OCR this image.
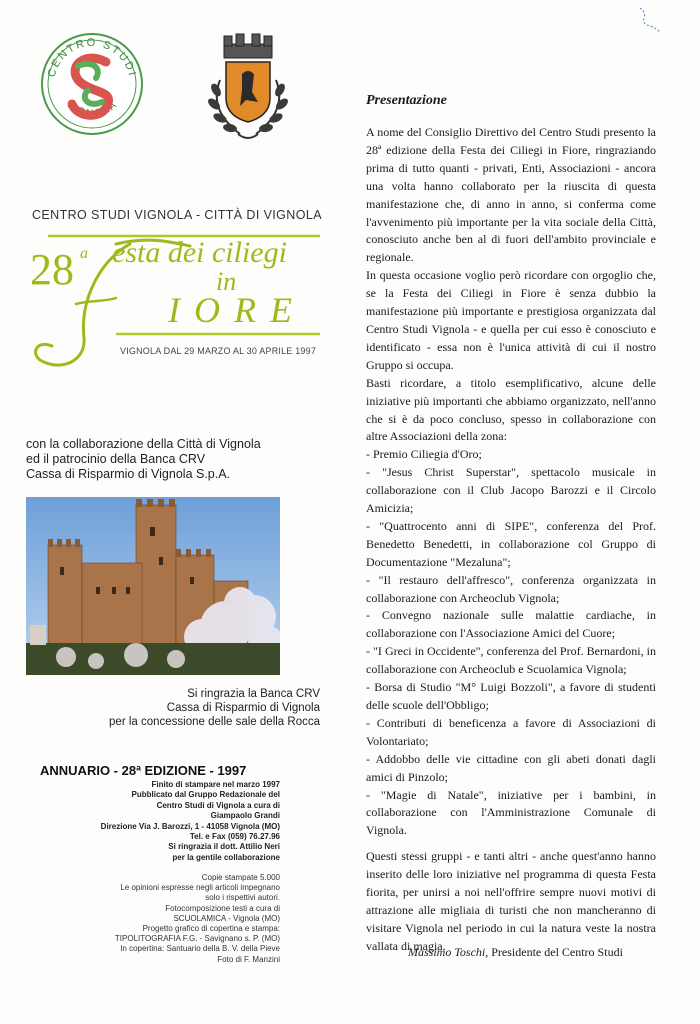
CENTRO STUDI
VIGNOLA
CENTRO STUDI VIGNOLA - CITTÀ DI VIGNOLA
28 a
F
esta dei ciliegi
in
IORE
VIGNOLA DAL 29 MARZO AL 30 APRILE 1997
con la collaborazione della Città di Vignola
ed il patrocinio della Banca CRV
Cassa di Risparmio di Vignola S.p.A.
Si ringrazia la Banca CRV
Cassa di Risparmio di Vignola
per la concessione delle sale della Rocca
ANNUARIO - 28ª EDIZIONE - 1997
Finito di stampare nel marzo 1997
Pubblicato dal Gruppo Redazionale del
Centro Studi di Vignola a cura di
Giampaolo Grandi
Direzione Via J. Barozzi, 1 - 41058 Vignola (MO)
Tel. e Fax (059) 76.27.96
Si ringrazia il dott. Attilio Neri
per la gentile collaborazione
Copie stampate 5.000
Le opinioni espresse negli articoli impegnano
solo i rispettivi autori.
Fotocomposizione testi a cura di
SCUOLAMICA - Vignola (MO)
Progetto grafico di copertina e stampa:
TIPOLITOGRAFIA F.G. - Savignano s. P. (MO)
In copertina: Santuario della B. V. della Pieve
Foto di F. Manzini
Presentazione

A nome del Consiglio Direttivo del Centro Studi presento la 28ª edizione della Festa dei Ciliegi in Fiore, ringraziando prima di tutto quanti - privati, Enti, Associazioni - ancora una volta hanno collaborato per la riuscita di questa manifestazione che, di anno in anno, si conferma come l'avvenimento più importante per la vita sociale della Città, conosciuto anche ben al di fuori dell'ambito provinciale e regionale.

In questa occasione voglio però ricordare con orgoglio che, se la Festa dei Ciliegi in Fiore è senza dubbio la manifestazione più importante e prestigiosa organizzata dal Centro Studi Vignola - e quella per cui esso è conosciuto e identificato - essa non è l'unica attività di cui il nostro Gruppo si occupa.

Basti ricordare, a titolo esemplificativo, alcune delle iniziative più importanti che abbiamo organizzato, nell'anno che si è da poco concluso, spesso in collaborazione con altre Associazioni della zona:

- Premio Ciliegia d'Oro;

- "Jesus Christ Superstar", spettacolo musicale in collaborazione con il Club Jacopo Barozzi e il Circolo Amicizia;

- "Quattrocento anni di SIPE", conferenza del Prof. Benedetto Benedetti, in collaborazione col Gruppo di Documentazione "Mezaluna";

- "Il restauro dell'affresco", conferenza organizzata in collaborazione con Archeoclub Vignola;

- Convegno nazionale sulle malattie cardiache, in collaborazione con l'Associazione Amici del Cuore;

- "I Greci in Occidente", conferenza del Prof. Bernardoni, in collaborazione con Archeoclub e Scuolamica Vignola;

- Borsa di Studio "M° Luigi Bozzoli", a favore di studenti delle scuole dell'Obbligo;

- Contributi di beneficenza a favore di Associazioni di Volontariato;

- Addobbo delle vie cittadine con gli abeti donati dagli amici di Pinzolo;

- "Magie di Natale", iniziative per i bambini, in collaborazione con l'Amministrazione Comunale di Vignola.

Questi stessi gruppi - e tanti altri - anche quest'anno hanno inserito delle loro iniziative nel programma di questa Festa fiorita, per unirsi a noi nell'offrire sempre nuovi motivi di attrazione alle migliaia di turisti che non mancheranno di visitare Vignola nel periodo in cui la natura veste la nostra vallata di magia.

Massimo Toschi, Presidente del Centro Studi
